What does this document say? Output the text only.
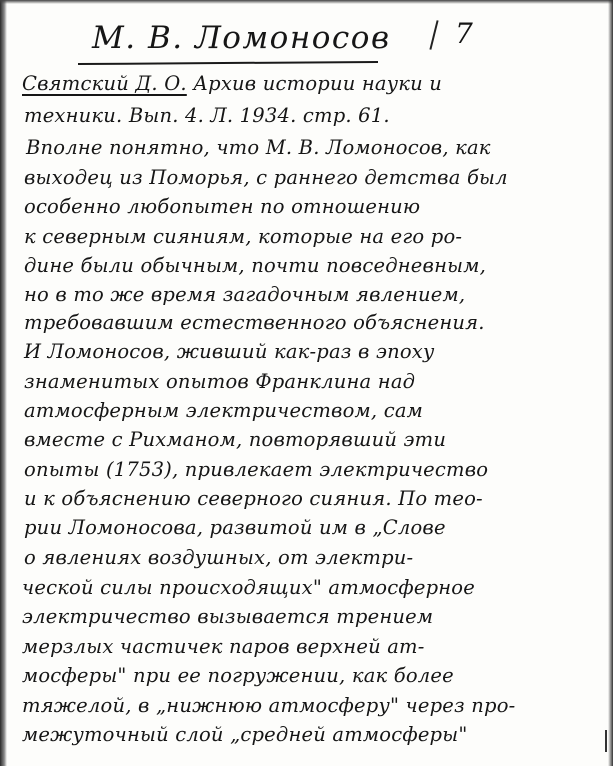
М. В. Ломоносов 7
Святский Д. О. Архив истории науки и
техники. Вып. 4. Л. 1934. стр. 61.
Вполне понятно, что М. В. Ломоносов, как
выходец из Поморья, с раннего детства был
особенно любопытен по отношению
к северным сияниям, которые на его ро-
дине были обычным, почти повседневным,
но в то же время загадочным явлением,
требовавшим естественного объяснения.
И Ломоносов, живший как-раз в эпоху
знаменитых опытов Франклина над
атмосферным электричеством, сам
вместе с Рихманом, повторявший эти
опыты (1753), привлекает электричество
и к объяснению северного сияния. По тео-
рии Ломоносова, развитой им в „Слове
о явлениях воздушных, от электри-
ческой силы происходящих" атмосферное
электричество вызывается трением
мерзлых частичек паров верхней ат-
мосферы" при ее погружении, как более
тяжелой, в „нижнюю атмосферу" через про-
межуточный слой „средней атмосферы"
